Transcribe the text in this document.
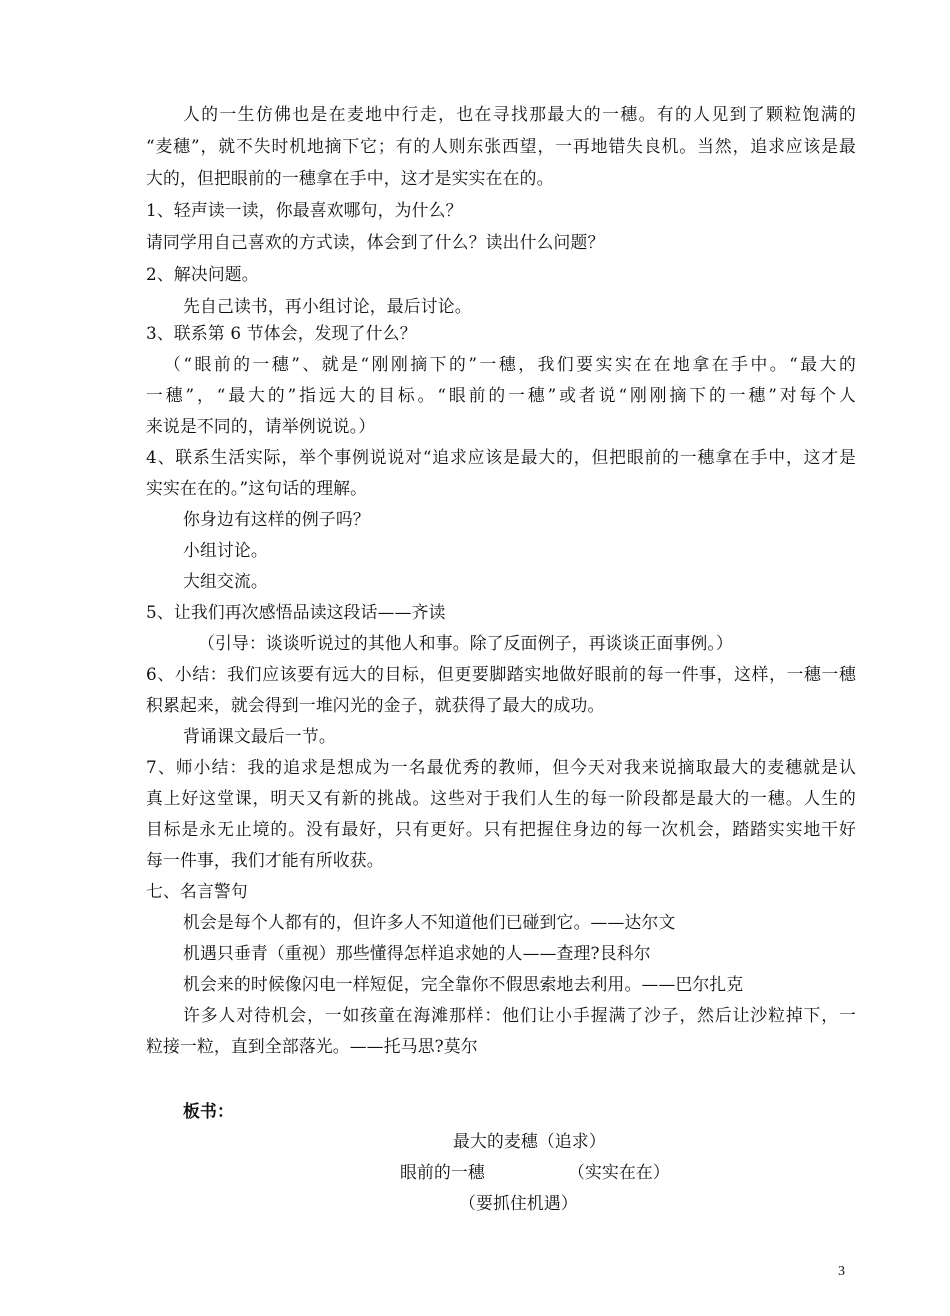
人的一生仿佛也是在麦地中行走，也在寻找那最大的一穗。有的人见到了颗粒饱满的
“麦穗”，就不失时机地摘下它；有的人则东张西望，一再地错失良机。当然，追求应该是最
大的，但把眼前的一穗拿在手中，这才是实实在在的。
1、轻声读一读，你最喜欢哪句，为什么？
请同学用自己喜欢的方式读，体会到了什么？读出什么问题？
2、解决问题。
先自己读书，再小组讨论，最后讨论。
3、联系第 6 节体会，发现了什么？
（“眼前的一穗”、就是“刚刚摘下的”一穗，我们要实实在在地拿在手中。“最大的
一穗”，“最大的”指远大的目标。“眼前的一穗”或者说“刚刚摘下的一穗”对每个人
来说是不同的，请举例说说。）
4、联系生活实际，举个事例说说对“追求应该是最大的，但把眼前的一穗拿在手中，这才是
实实在在的。”这句话的理解。
你身边有这样的例子吗？
小组讨论。
大组交流。
5、让我们再次感悟品读这段话——齐读
（引导：谈谈听说过的其他人和事。除了反面例子，再谈谈正面事例。）
6、小结：我们应该要有远大的目标，但更要脚踏实地做好眼前的每一件事，这样，一穗一穗
积累起来，就会得到一堆闪光的金子，就获得了最大的成功。
背诵课文最后一节。
7、师小结：我的追求是想成为一名最优秀的教师，但今天对我来说摘取最大的麦穗就是认
真上好这堂课，明天又有新的挑战。这些对于我们人生的每一阶段都是最大的一穗。人生的
目标是永无止境的。没有最好，只有更好。只有把握住身边的每一次机会，踏踏实实地干好
每一件事，我们才能有所收获。
七、名言警句
机会是每个人都有的，但许多人不知道他们已碰到它。——达尔文
机遇只垂青（重视）那些懂得怎样追求她的人——查理?艮科尔
机会来的时候像闪电一样短促，完全靠你不假思索地去利用。——巴尔扎克
许多人对待机会，一如孩童在海滩那样：他们让小手握满了沙子，然后让沙粒掉下，一
粒接一粒，直到全部落光。——托马思?莫尔
板书：
最大的麦穗（追求）
眼前的一穗	（实实在在）
（要抓住机遇）
3
